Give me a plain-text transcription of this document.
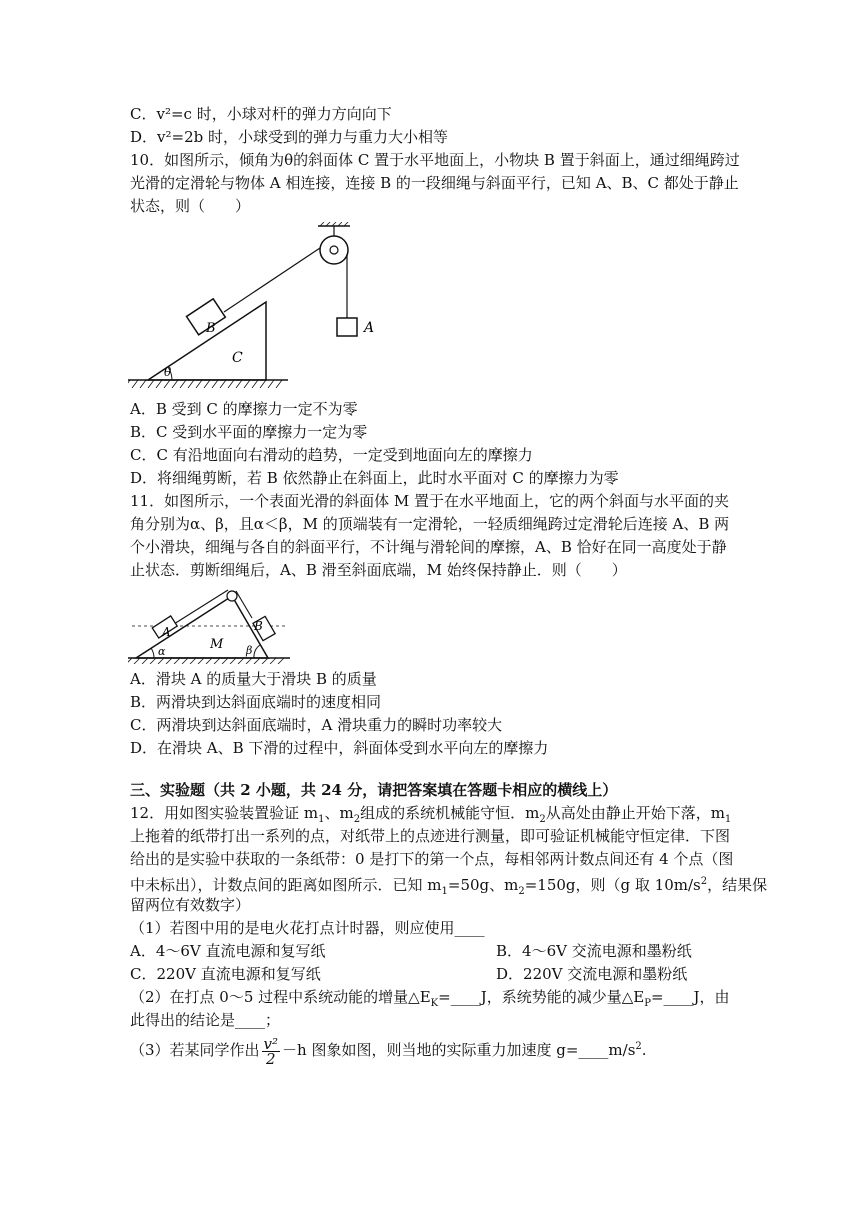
C．v²=c 时，小球对杆的弹力方向向下
D．v²=2b 时，小球受到的弹力与重力大小相等
10．如图所示，倾角为θ的斜面体 C 置于水平地面上，小物块 B 置于斜面上，通过细绳跨过
光滑的定滑轮与物体 A 相连接，连接 B 的一段细绳与斜面平行，已知 A、B、C 都处于静止
状态，则（　　）
B
C
A
θ
A．B 受到 C 的摩擦力一定不为零
B．C 受到水平面的摩擦力一定为零
C．C 有沿地面向右滑动的趋势，一定受到地面向左的摩擦力
D．将细绳剪断，若 B 依然静止在斜面上，此时水平面对 C 的摩擦力为零
11．如图所示，一个表面光滑的斜面体 M 置于在水平地面上，它的两个斜面与水平面的夹
角分别为α、β，且α＜β，M 的顶端装有一定滑轮，一轻质细绳跨过定滑轮后连接 A、B 两
个小滑块，细绳与各自的斜面平行，不计绳与滑轮间的摩擦，A、B 恰好在同一高度处于静
止状态．剪断细绳后，A、B 滑至斜面底端，M 始终保持静止．则（　　）
A	B
M
α	β
A．滑块 A 的质量大于滑块 B 的质量
B．两滑块到达斜面底端时的速度相同
C．两滑块到达斜面底端时，A 滑块重力的瞬时功率较大
D．在滑块 A、B 下滑的过程中，斜面体受到水平向左的摩擦力
三、实验题（共 2 小题，共 24 分，请把答案填在答题卡相应的横线上）
12．用如图实验装置验证 $m_1$、$m_2$组成的系统机械能守恒．$m_2$从高处由静止开始下落，$m_1$
上拖着的纸带打出一系列的点，对纸带上的点迹进行测量，即可验证机械能守恒定律．下图
给出的是实验中获取的一条纸带：0 是打下的第一个点，每相邻两计数点间还有 4 个点（图
中未标出），计数点间的距离如图所示．已知 $m_1=50g$、$m_2=150g$，则（g 取 $10m/s^2$，结果保
留两位有效数字）
（1）若图中用的是电火花打点计时器，则应使用____
A．4～6V 直流电源和复写纸	B．4～6V 交流电源和墨粉纸
C．220V 直流电源和复写纸	D．220V 交流电源和墨粉纸
（2）在打点 0～5 过程中系统动能的增量$\triangle E_K=\_\_\_\_J$，系统势能的减少量$\triangle E_P=\_\_\_\_J$，由
此得出的结论是____；
（3）若某同学作出 $\frac{\text{v²}}{2} -h$ 图象如图，则当地的实际重力加速度 $g=\_\_\_\_m/s^2$.
